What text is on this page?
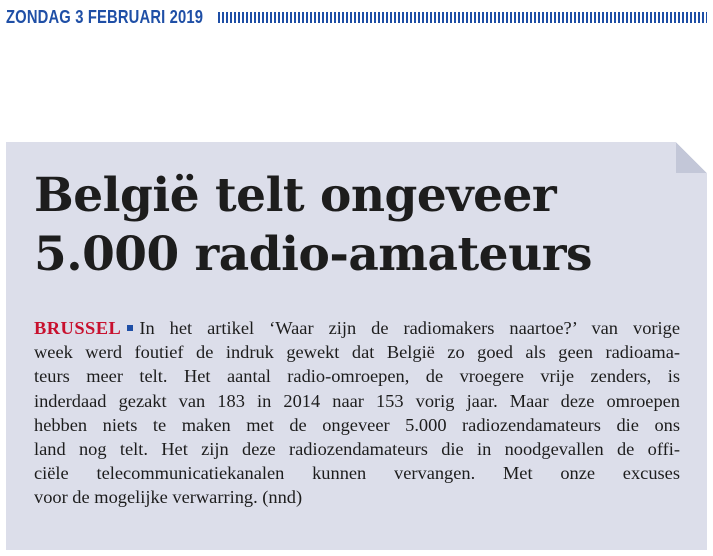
ZONDAG 3 FEBRUARI 2019
België telt ongeveer
5.000 radio-amateurs

BRUSSEL In het artikel ‘Waar zijn de radiomakers naartoe?’ van vorige
week werd foutief de indruk gewekt dat België zo goed als geen radioama-
teurs meer telt. Het aantal radio-omroepen, de vroegere vrije zenders, is
inderdaad gezakt van 183 in 2014 naar 153 vorig jaar. Maar deze omroepen
hebben niets te maken met de ongeveer 5.000 radiozendamateurs die ons
land nog telt. Het zijn deze radiozendamateurs die in noodgevallen de offi-
ciële telecommunicatiekanalen kunnen vervangen. Met onze excuses
voor de mogelijke verwarring. (nnd)
